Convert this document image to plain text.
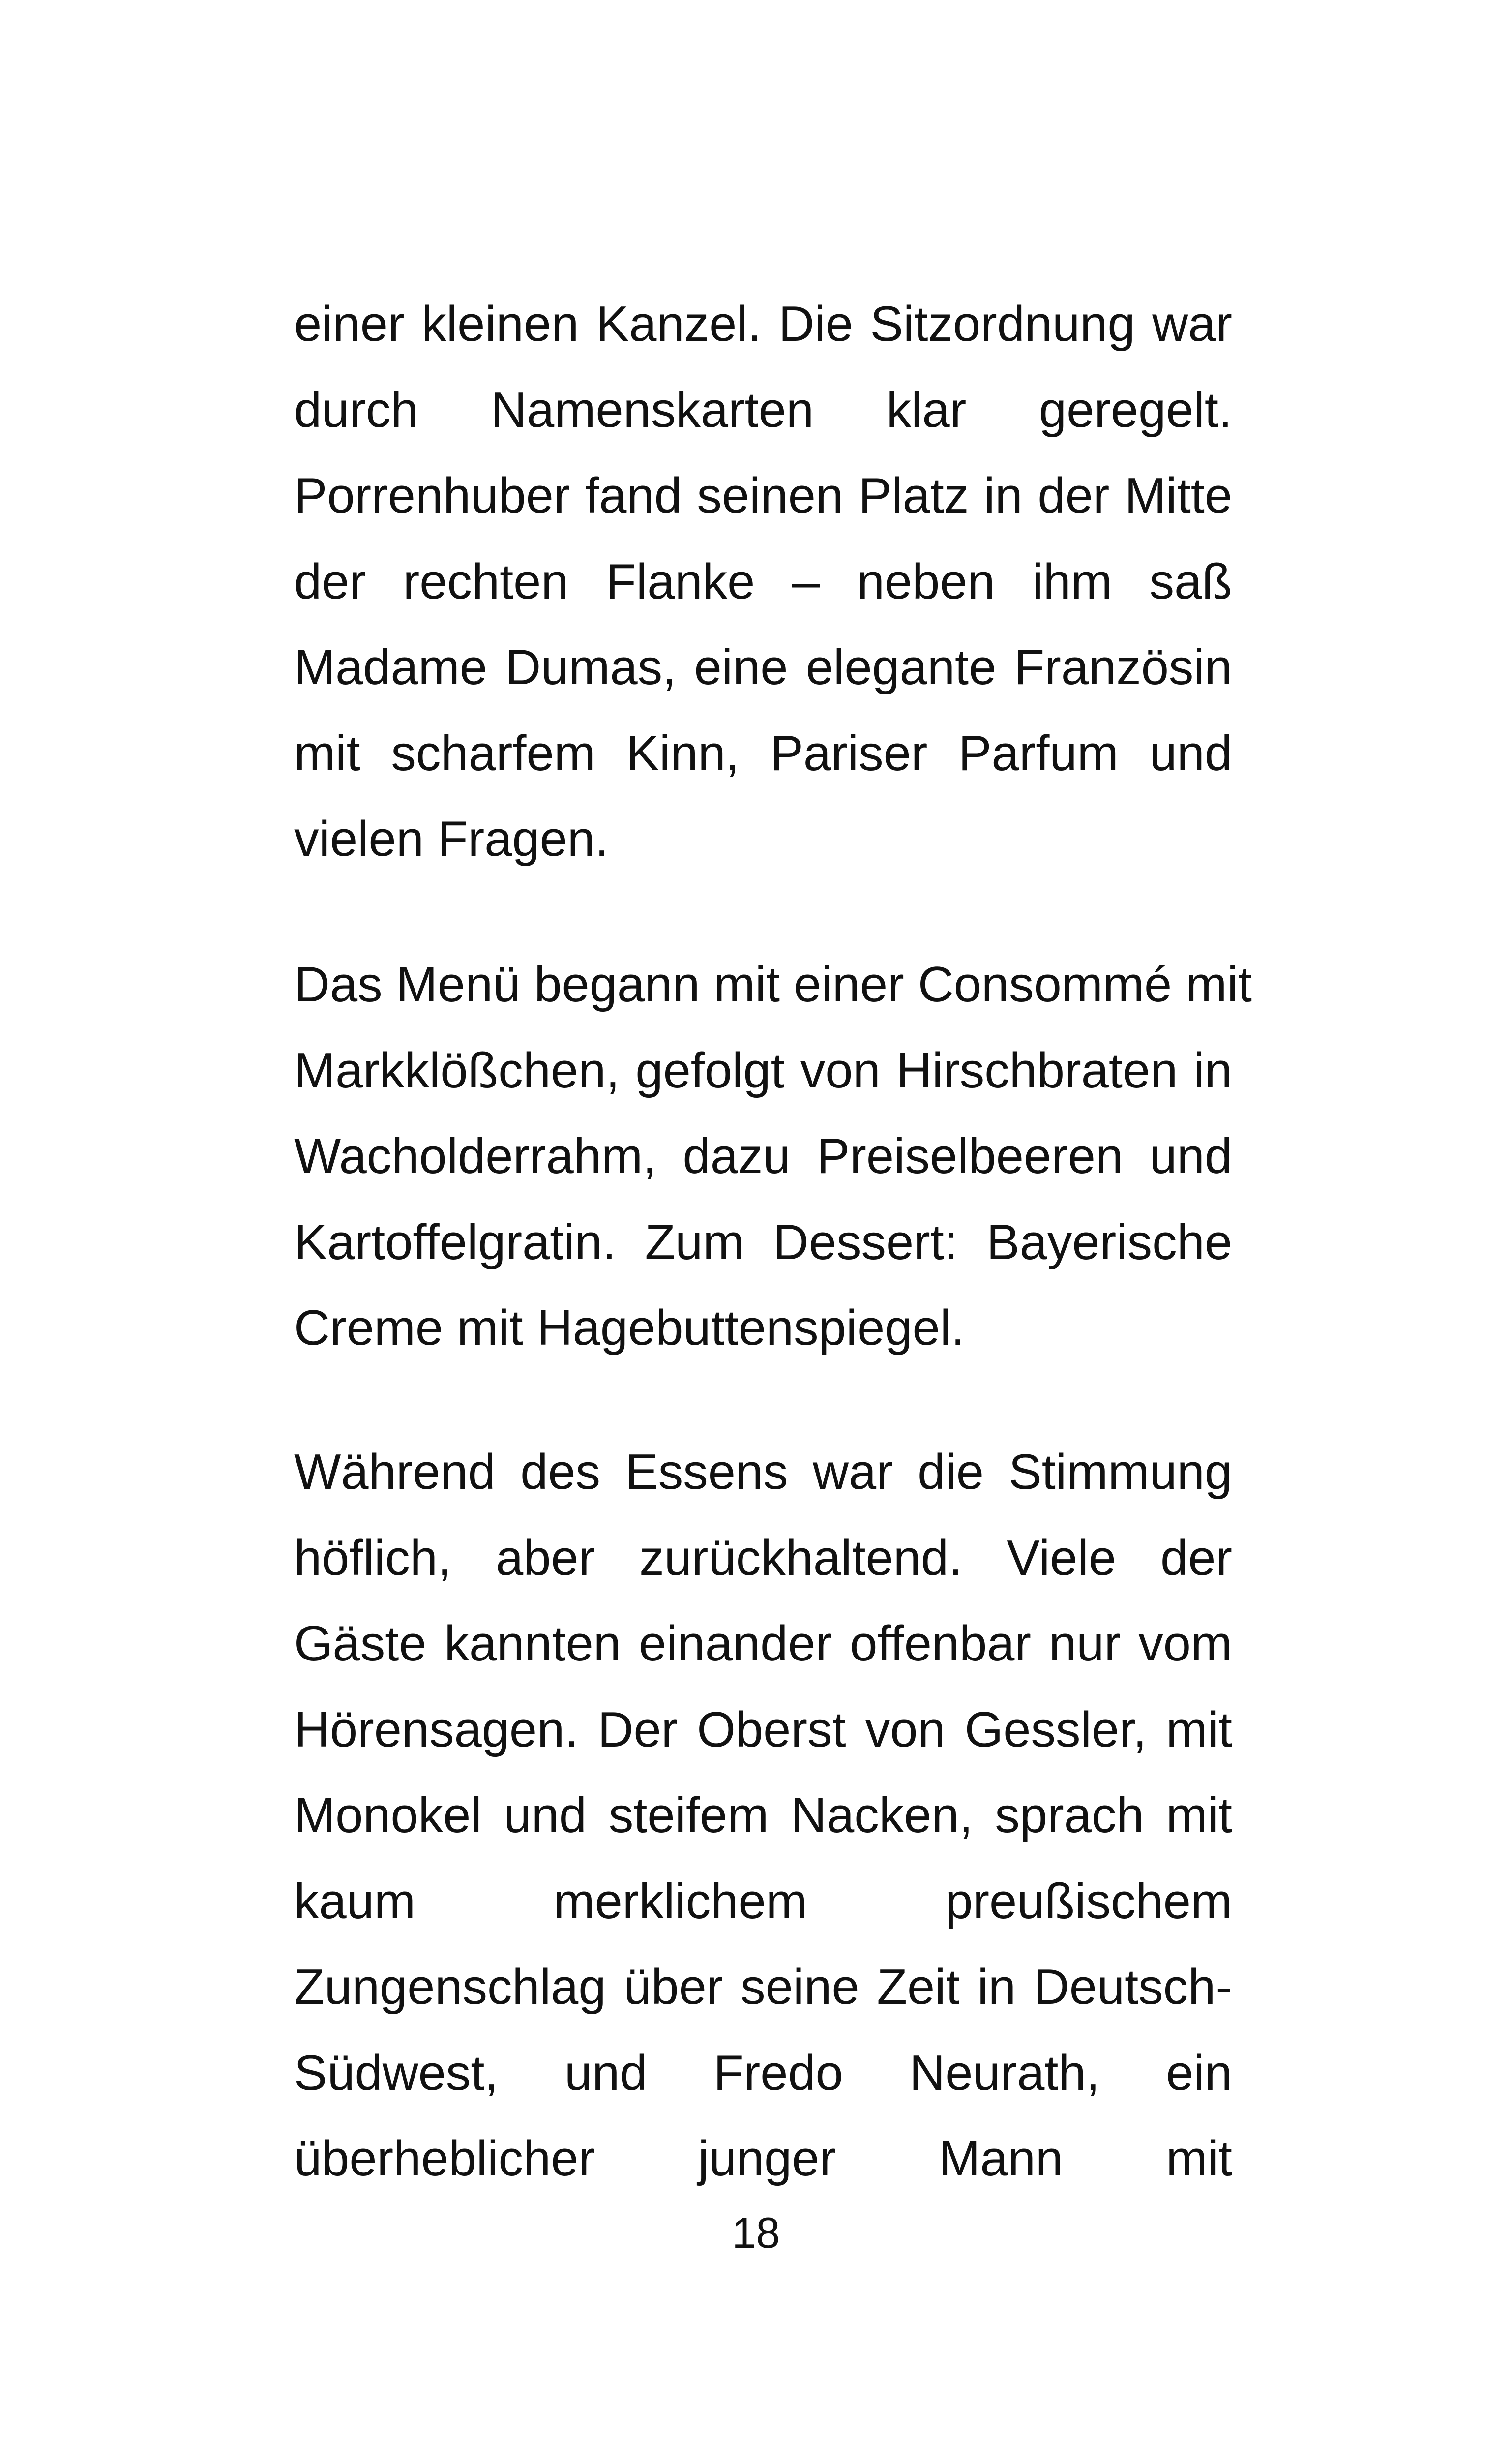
einer kleinen Kanzel. Die Sitzordnung war
durch Namenskarten klar geregelt.
Porrenhuber fand seinen Platz in der Mitte
der rechten Flanke – neben ihm saß
Madame Dumas, eine elegante Französin
mit scharfem Kinn, Pariser Parfum und
vielen Fragen.
Das Menü begann mit einer Consommé mit
Markklößchen, gefolgt von Hirschbraten in
Wacholderrahm, dazu Preiselbeeren und
Kartoffelgratin. Zum Dessert: Bayerische
Creme mit Hagebuttenspiegel.
Während des Essens war die Stimmung
höflich, aber zurückhaltend. Viele der
Gäste kannten einander offenbar nur vom
Hörensagen. Der Oberst von Gessler, mit
Monokel und steifem Nacken, sprach mit
kaum merklichem preußischem
Zungenschlag über seine Zeit in Deutsch-
Südwest, und Fredo Neurath, ein
überheblicher junger Mann mit
18
